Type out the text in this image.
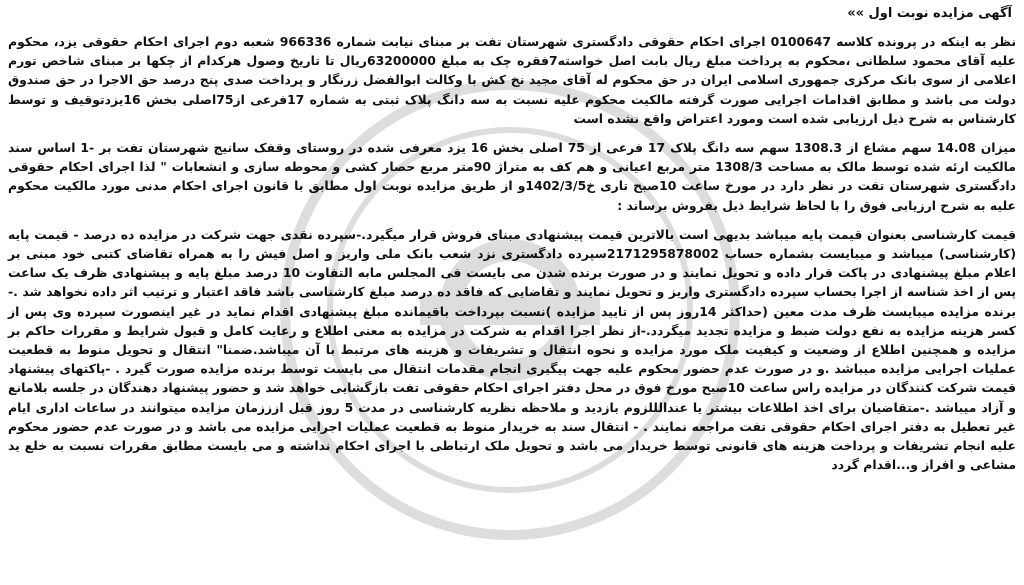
آگهی مزایده نوبت اول »»

نظر به اینکه در پرونده کلاسه 0100647 اجرای احکام حقوقی دادگستری شهرستان تفت بر مبنای نیابت شماره 966336 شعبه دوم اجرای احکام حقوقی یزد، محکوم علیه آقای محمود سلطانی ،محکوم به پرداخت مبلغ ریال بابت اصل خواسته7فقره چک به مبلغ 63200000ریال تا تاریخ وصول هرکدام از چکها بر مبنای شاخص تورم اعلامی از سوی بانک مرکزی جمهوری اسلامی ایران در حق محکوم له آقای مجید نخ کش با وکالت ابوالفضل زرنگار و پرداخت صدی پنج درصد حق الاجرا در حق صندوق دولت می باشد و مطابق اقدامات اجرایی صورت گرفته مالکیت محکوم علیه نسبت به سه دانگ پلاک ثبتی به شماره 17فرعی از75اصلی بخش 16یزدتوقیف و توسط کارشناس به شرح ذیل ارزیابی شده است ومورد اعتراض واقع نشده است

میزان 14.08 سهم مشاع از 1308.3 سهم سه دانگ پلاک 17 فرعی از 75 اصلی بخش 16 یزد معرفی شده در روستای وقفک سانیج شهرستان تفت بر -1 اساس سند مالکیت ارئه شده توسط مالک به مساحت 1308/3 متر مربع اعیانی و هم کف به متراژ 90متر مربع حصار کشی و محوطه سازی و انشعابات " لذا اجرای احکام حقوقی دادگستری شهرستان تفت در نظر دارد در مورخ ساعت 10صبح تاری خ1402/3/5و از طریق مزایده نوبت اول مطابق با قانون اجرای احکام مدنی مورد مالکیت محکوم علیه به شرح ارزیابی فوق را با لحاظ شرایط ذیل بفروش برساند :

قیمت کارشناسی بعنوان قیمت پایه میباشد بدیهی است بالاترین قیمت پیشنهادی مبنای فروش قرار میگیرد.-سپرده نقدی جهت شرکت در مزایده ده درصد - قیمت پایه (کارشناسی) میباشد و میبایست بشماره حساب 2171295878002سپرده دادگستری نزد شعب بانک ملی واریز و اصل فیش را به همراه تقاضای کتبی خود مبنی بر اعلام مبلغ پیشنهادی در پاکت قرار داده و تحویل نمایند و در صورت برنده شدن می بایست فی المجلس مابه التفاوت 10 درصد مبلغ پایه و پیشنهادی ظرف یک ساعت پس از اخذ شناسه از اجرا بحساب سپرده دادگستری واریز و تحویل نمایند و تقاضایی که فاقد ده درصد مبلغ کارشناسی باشد فاقد اعتبار و ترتیب اثر داده نخواهد شد .-برنده مزایده میبایست ظرف مدت معین (حداکثر 14روز پس از تایید مزایده )نسبت بپرداخت باقیمانده مبلغ پیشنهادی اقدام نماید در غیر اینصورت سپرده وی پس از کسر هزینه مزایده به نفع دولت ضبط و مزایده تجدید میگردد.-از نظر اجرا اقدام به شرکت در مزایده به معنی اطلاع و رعایت کامل و قبول شرایط و مقررات حاکم بر مزایده و همچنین اطلاع از وضعیت و کیفیت ملک مورد مزایده و نحوه انتقال و تشریفات و هزینه های مرتبط با آن میباشد.ضمنا" انتقال و تحویل منوط به قطعیت عملیات اجرایی مزایده میباشد .و در صورت عدم حضور محکوم علیه جهت پیگیری انجام مقدمات انتقال می بایست توسط برنده مزایده صورت گیرد . -پاکتهای پیشنهاد قیمت شرکت کنندگان در مزایده راس ساعت 10صبح مورخ فوق در محل دفتر اجرای احکام حقوقی تفت بازگشایی خواهد شد و حضور پیشنهاد دهندگان در جلسه بلامانع و آزاد میباشد .-متقاضیان برای اخذ اطلاعات بیشتر یا عندالللزوم بازدید و ملاحظه نظریه کارشناسی در مدت 5 روز قبل ازززمان مزایده میتوانند در ساعات اداری ایام غیر تعطیل به دفتر اجرای احکام حقوقی تفت مراجعه نمایند . - انتقال سند به خریدار منوط به قطعیت عملیات اجرایی مزایده می باشد و در صورت عدم حضور محکوم علیه انجام تشریفات و پرداخت هزینه های قانونی توسط خریدار می باشد و تحویل ملک ارتباطی با اجرای احکام نداشته و می بایست مطابق مقررات نسبت به خلع ید مشاعی و افراز و...اقدام گردد
